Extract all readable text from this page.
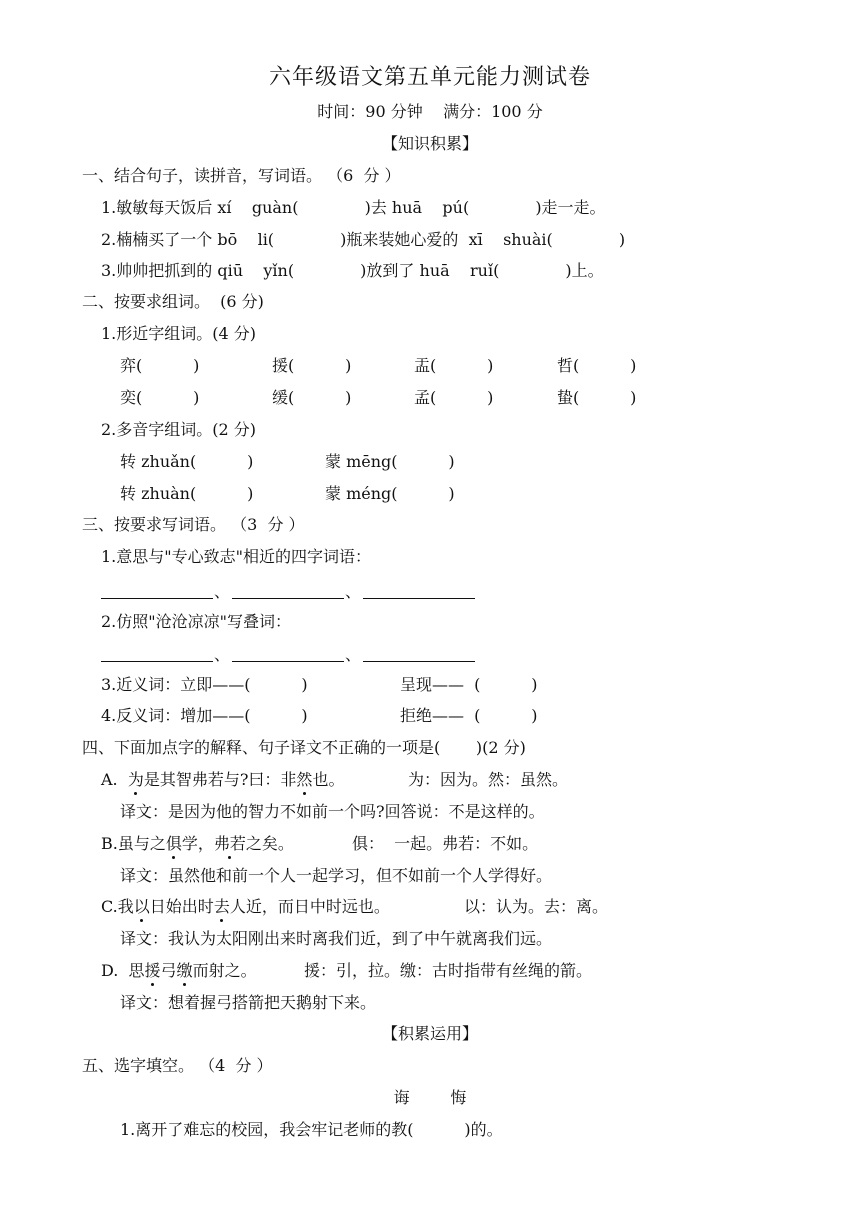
六年级语文第五单元能力测试卷
时间：90 分钟    满分：100 分
【知识积累】
一、结合句子，读拼音，写词语。 （6  分 ）
1.敏敏每天饭后 xí    guàn(             )去 huā    pú(             )走一走。
2.楠楠买了一个 bō    li(             )瓶来装她心爱的  xī    shuài(             )
3.帅帅把抓到的 qiū    yǐn(             )放到了 huā    ruǐ(             )上。
二、按要求组词。  (6 分)
1.形近字组词。(4 分)
弈(          )	援(          )	盂(          )	哲(          )
奕(          )	缓(          )	孟(          )	蛰(          )
2.多音字组词。(2 分)
转 zhuǎn(          )	蒙 mēng(          )
转 zhuàn(          )	蒙 méng(          )
三、按要求写词语。 （3  分 ）
1.意思与"专心致志"相近的四字词语：
、	、
2.仿照"沧沧凉凉"写叠词：
、	、
3.近义词：立即——(          )	呈现——  (          )
4.反义词：增加——(          )	拒绝——  (          )
四、下面加点字的解释、句子译文不正确的一项是(       )(2 分)
A.  为是其智弗若与?曰：非然也。	为：因为。然：虽然。
译文：是因为他的智力不如前一个吗?回答说：不是这样的。
B.虽与之俱学，弗若之矣。	俱：  一起。弗若：不如。
译文：虽然他和前一个人一起学习，但不如前一个人学得好。
C.我以日始出时去人近，而日中时远也。	以：认为。去：离。
译文：我认为太阳刚出来时离我们近，到了中午就离我们远。
D.  思援弓缴而射之。	援：引，拉。缴：古时指带有丝绳的箭。
译文：想着握弓搭箭把天鹅射下来。
【积累运用】
五、选字填空。 （4  分 ）
诲        悔
1.离开了难忘的校园，我会牢记老师的教(          )的。
